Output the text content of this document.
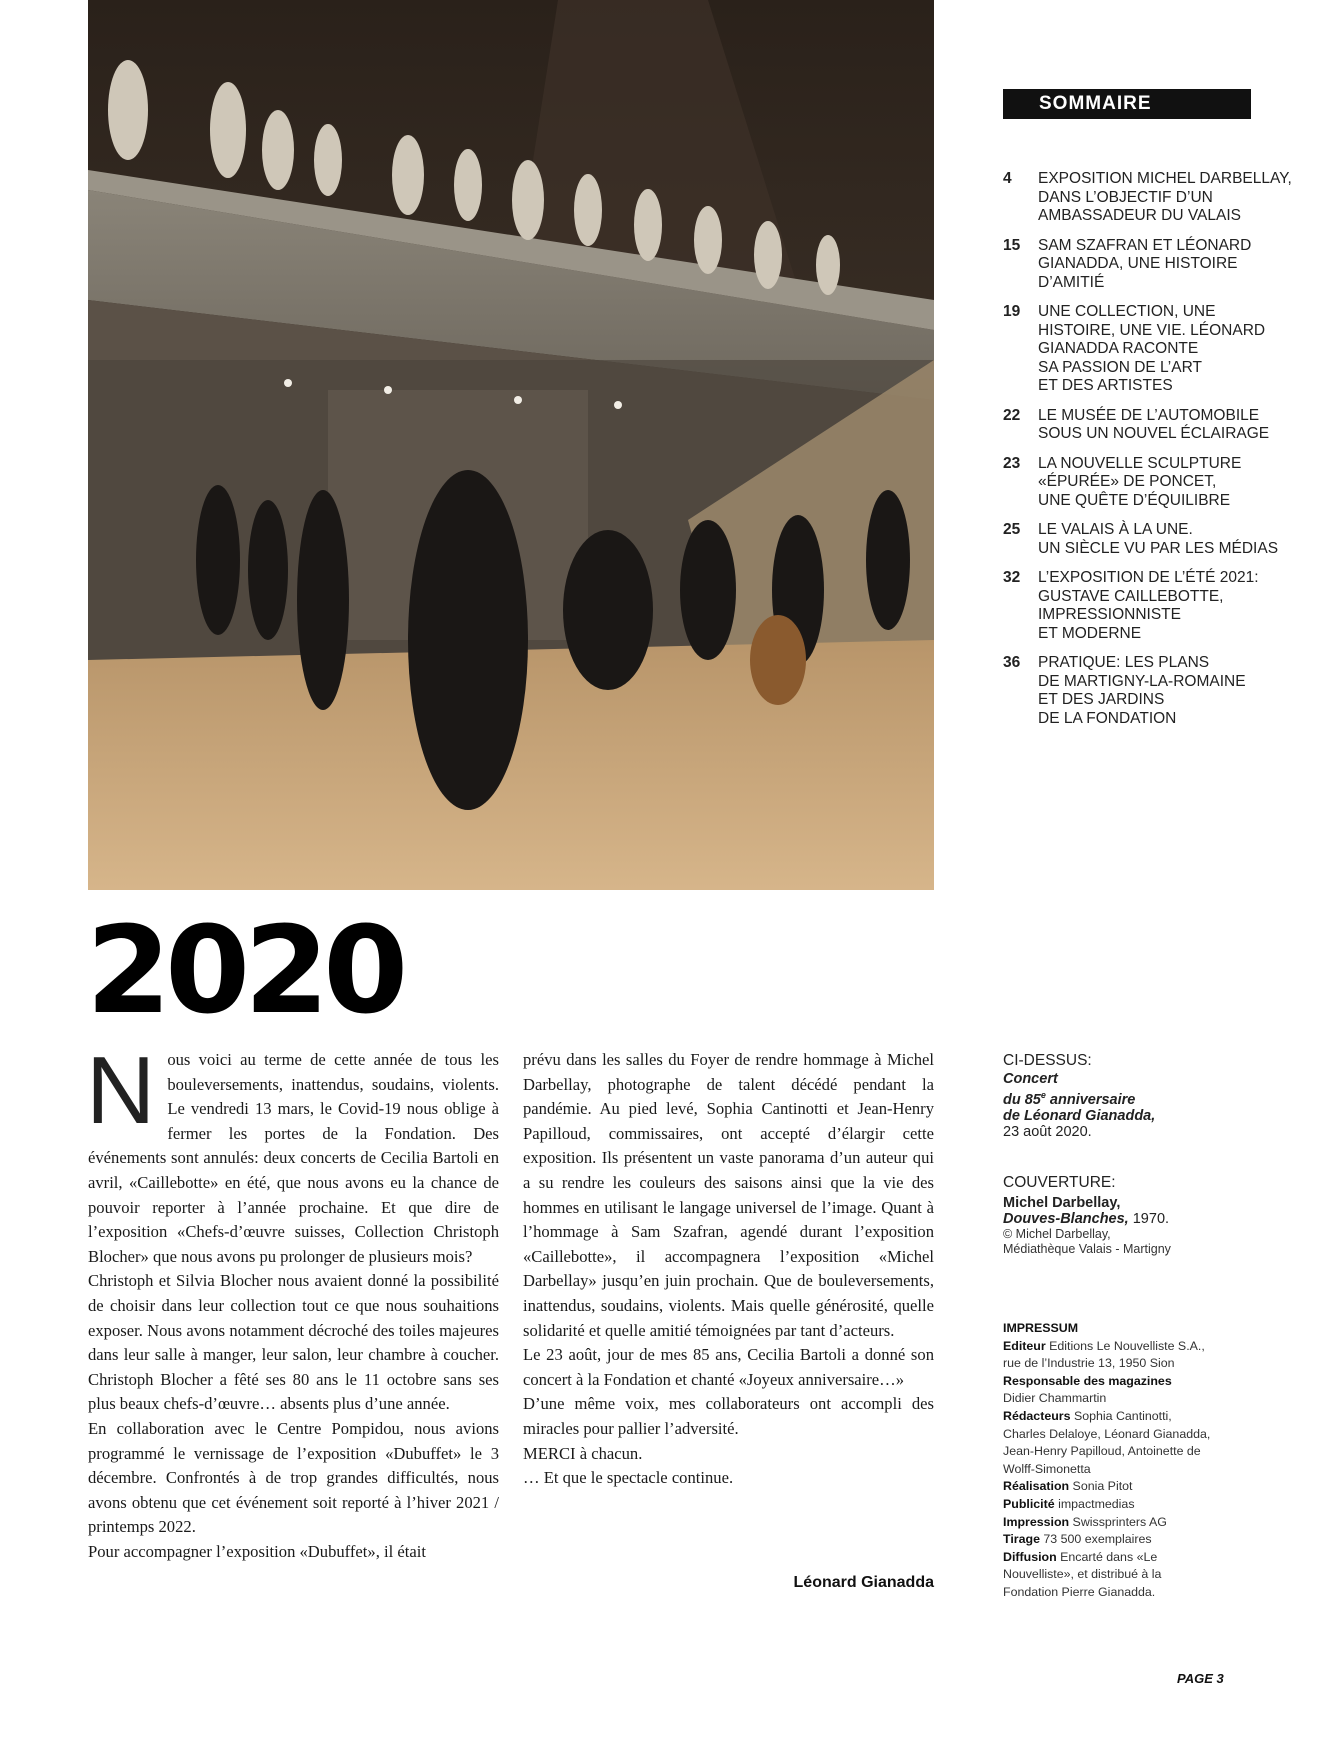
SOMMAIRE
4	EXPOSITION MICHEL DARBELLAY,
DANS L’OBJECTIF D’UN
AMBASSADEUR DU VALAIS
15	SAM SZAFRAN ET LÉONARD
GIANADDA, UNE HISTOIRE
D’AMITIÉ
19	UNE COLLECTION, UNE
HISTOIRE, UNE VIE. LÉONARD
GIANADDA RACONTE
SA PASSION DE L’ART
ET DES ARTISTES
22	LE MUSÉE DE L’AUTOMOBILE
SOUS UN NOUVEL ÉCLAIRAGE
23	LA NOUVELLE SCULPTURE
«ÉPURÉE» DE PONCET,
UNE QUÊTE D’ÉQUILIBRE
25	LE VALAIS À LA UNE.
UN SIÈCLE VU PAR LES MÉDIAS
32	L’EXPOSITION DE L’ÉTÉ 2021:
GUSTAVE CAILLEBOTTE,
IMPRESSIONNISTE
ET MODERNE
36	PRATIQUE: LES PLANS
DE MARTIGNY-LA-ROMAINE
ET DES JARDINS
DE LA FONDATION
2020

Nous voici au terme de cette année de tous les bouleversements, inattendus, soudains, violents. Le vendredi 13 mars, le Covid-19 nous oblige à fermer les portes de la Fondation. Des événements sont annulés: deux concerts de Cecilia Bartoli en avril, «Caillebotte» en été, que nous avons eu la chance de pouvoir reporter à l’année prochaine. Et que dire de l’exposition «Chefs-d’œuvre suisses, Collection Christoph Blocher» que nous avons pu prolonger de plusieurs mois?

Christoph et Silvia Blocher nous avaient donné la possibilité de choisir dans leur collection tout ce que nous souhaitions exposer. Nous avons notamment décroché des toiles majeures dans leur salle à manger, leur salon, leur chambre à coucher. Christoph Blocher a fêté ses 80 ans le 11 octobre sans ses plus beaux chefs-d’œuvre… absents plus d’une année.

En collaboration avec le Centre Pompidou, nous avions programmé le vernissage de l’exposition «Dubuffet» le 3 décembre. Confrontés à de trop grandes difficultés, nous avons obtenu que cet événement soit reporté à l’hiver 2021 / printemps 2022.

Pour accompagner l’exposition «Dubuffet», il était

prévu dans les salles du Foyer de rendre hommage à Michel Darbellay, photographe de talent décédé pendant la pandémie. Au pied levé, Sophia Cantinotti et Jean-Henry Papilloud, commissaires, ont accepté d’élargir cette exposition. Ils présentent un vaste panorama d’un auteur qui a su rendre les couleurs des saisons ainsi que la vie des hommes en utilisant le langage universel de l’image. Quant à l’hommage à Sam Szafran, agendé durant l’exposition «Caillebotte», il accompagnera l’exposition «Michel Darbellay» jusqu’en juin prochain. Que de bouleversements, inattendus, soudains, violents. Mais quelle générosité, quelle solidarité et quelle amitié témoignées par tant d’acteurs.

Le 23 août, jour de mes 85 ans, Cecilia Bartoli a donné son concert à la Fondation et chanté «Joyeux anniversaire…»

D’une même voix, mes collaborateurs ont accompli des miracles pour pallier l’adversité.

MERCI à chacun.

… Et que le spectacle continue.

Léonard Gianadda
CI-DESSUS:
Concert
du 85e anniversaire
de Léonard Gianadda,
23 août 2020.
COUVERTURE:
Michel Darbellay,
Douves-Blanches, 1970.
© Michel Darbellay,
Médiathèque Valais - Martigny
IMPRESSUM
Editeur Editions Le Nouvelliste S.A., rue de l’Industrie 13, 1950 Sion
Responsable des magazines
Didier Chammartin
Rédacteurs Sophia Cantinotti, Charles Delaloye, Léonard Gianadda, Jean-Henry Papilloud, Antoinette de Wolff-Simonetta
Réalisation Sonia Pitot
Publicité impactmedias
Impression Swissprinters AG
Tirage 73 500 exemplaires
Diffusion Encarté dans «Le Nouvelliste», et distribué à la Fondation Pierre Gianadda.
PAGE 3
